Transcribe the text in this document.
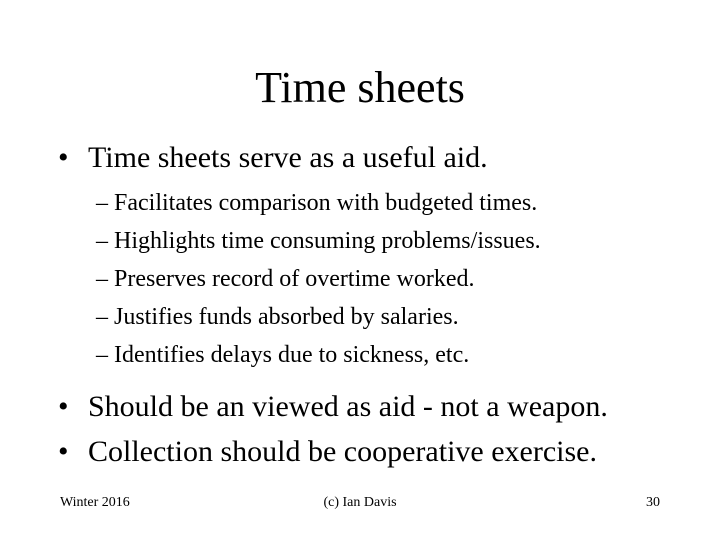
Time sheets
• Time sheets serve as a useful aid.
– Facilitates comparison with budgeted times.
– Highlights time consuming problems/issues.
– Preserves record of overtime worked.
– Justifies funds absorbed by salaries.
– Identifies delays due to sickness, etc.
• Should be an viewed as aid - not a weapon.
• Collection should be cooperative exercise.
Winter 2016	(c) Ian Davis	30
